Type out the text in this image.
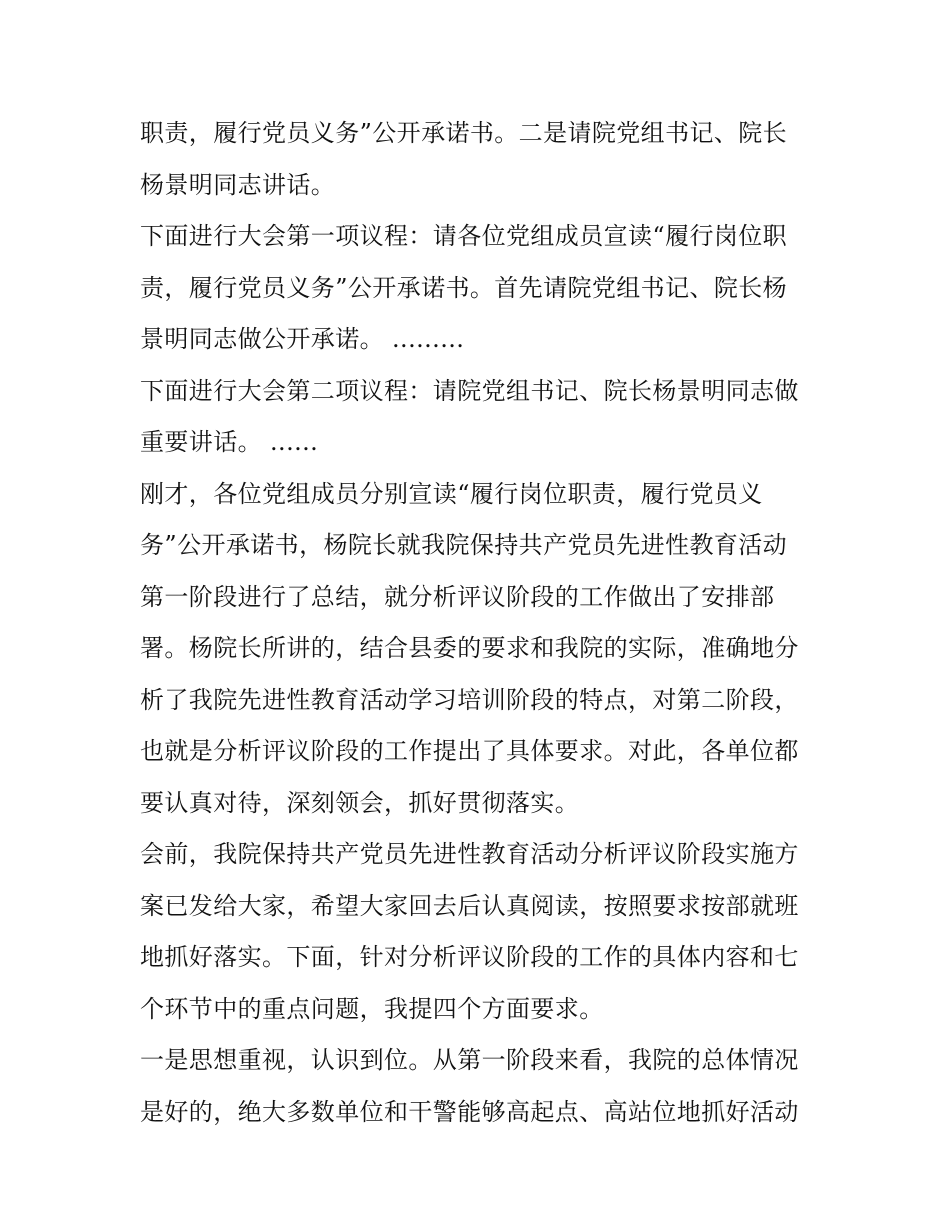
职责，履行党员义务”公开承诺书。二是请院党组书记、院长
杨景明同志讲话。
下面进行大会第一项议程：请各位党组成员宣读“履行岗位职
责，履行党员义务”公开承诺书。首先请院党组书记、院长杨
景明同志做公开承诺。 .........
下面进行大会第二项议程：请院党组书记、院长杨景明同志做
重要讲话。 ......
刚才，各位党组成员分别宣读“履行岗位职责，履行党员义
务”公开承诺书，杨院长就我院保持共产党员先进性教育活动
第一阶段进行了总结，就分析评议阶段的工作做出了安排部
署。杨院长所讲的，结合县委的要求和我院的实际，准确地分
析了我院先进性教育活动学习培训阶段的特点，对第二阶段，
也就是分析评议阶段的工作提出了具体要求。对此，各单位都
要认真对待，深刻领会，抓好贯彻落实。
会前，我院保持共产党员先进性教育活动分析评议阶段实施方
案已发给大家，希望大家回去后认真阅读，按照要求按部就班
地抓好落实。下面，针对分析评议阶段的工作的具体内容和七
个环节中的重点问题，我提四个方面要求。
一是思想重视，认识到位。从第一阶段来看，我院的总体情况
是好的，绝大多数单位和干警能够高起点、高站位地抓好活动
